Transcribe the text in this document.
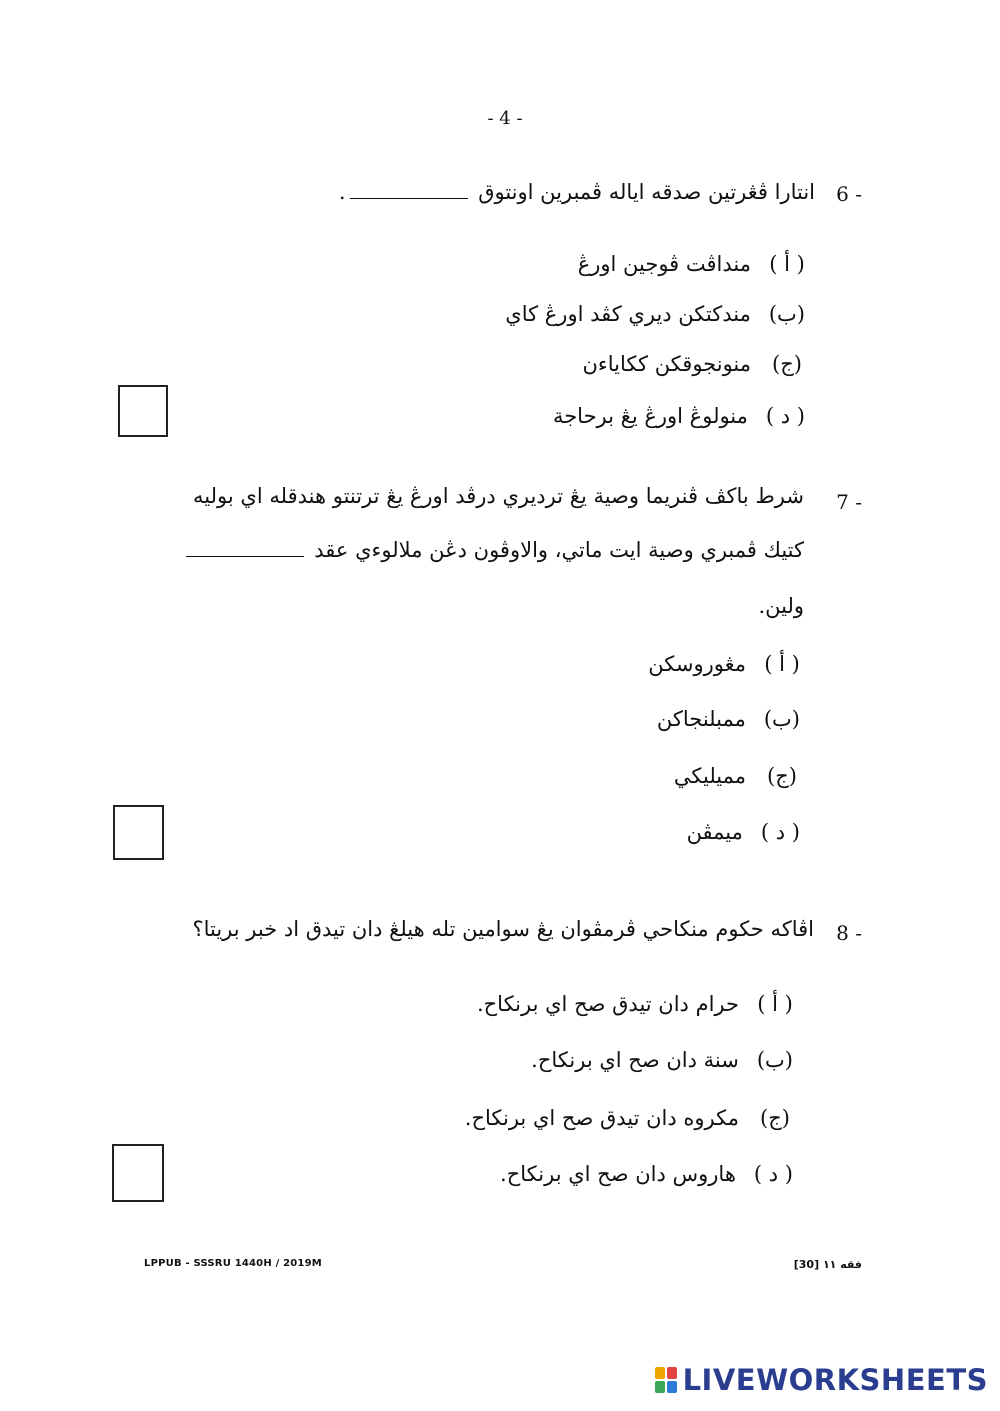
- 4 -
6 -
انتارا ڤڠرتين صدقه اياله ڤمبرين اونتوق .
( أ )منداڤت ڤوجين اورڠ
(ب)مندكتكن ديري كڤد اورڠ كاي
(ج)منونجوقكن ككاياءن
( د )منولوڠ اورڠ يڠ برحاجة
7 -
شرط باکڤ ڤنريما وصية يڠ ترديري درڤد اورڠ يڠ ترتنتو هندقله اي بوليه
كتيك ڤمبري وصية ايت ماتي، والاوڤون دڠن ملالوءي عقد
ولين.
( أ )مڠوروسكن
(ب)ممبلنجاكن
(ج)مميليكي
( د )ميمڤن
8 -
اڤاكه حكوم منكاحي ڤرمڤوان يڠ سوامين تله هيلڠ دان تيدق اد خبر بريتا؟
( أ )حرام دان تيدق صح اي برنكاح.
(ب)سنة دان صح اي برنكاح.
(ج)مكروه دان تيدق صح اي برنكاح.
( د )هاروس دان صح اي برنكاح.
LPPUB - SSSRU 1440H / 2019M	فقه ١١ [30]
LIVEWORKSHEETS
